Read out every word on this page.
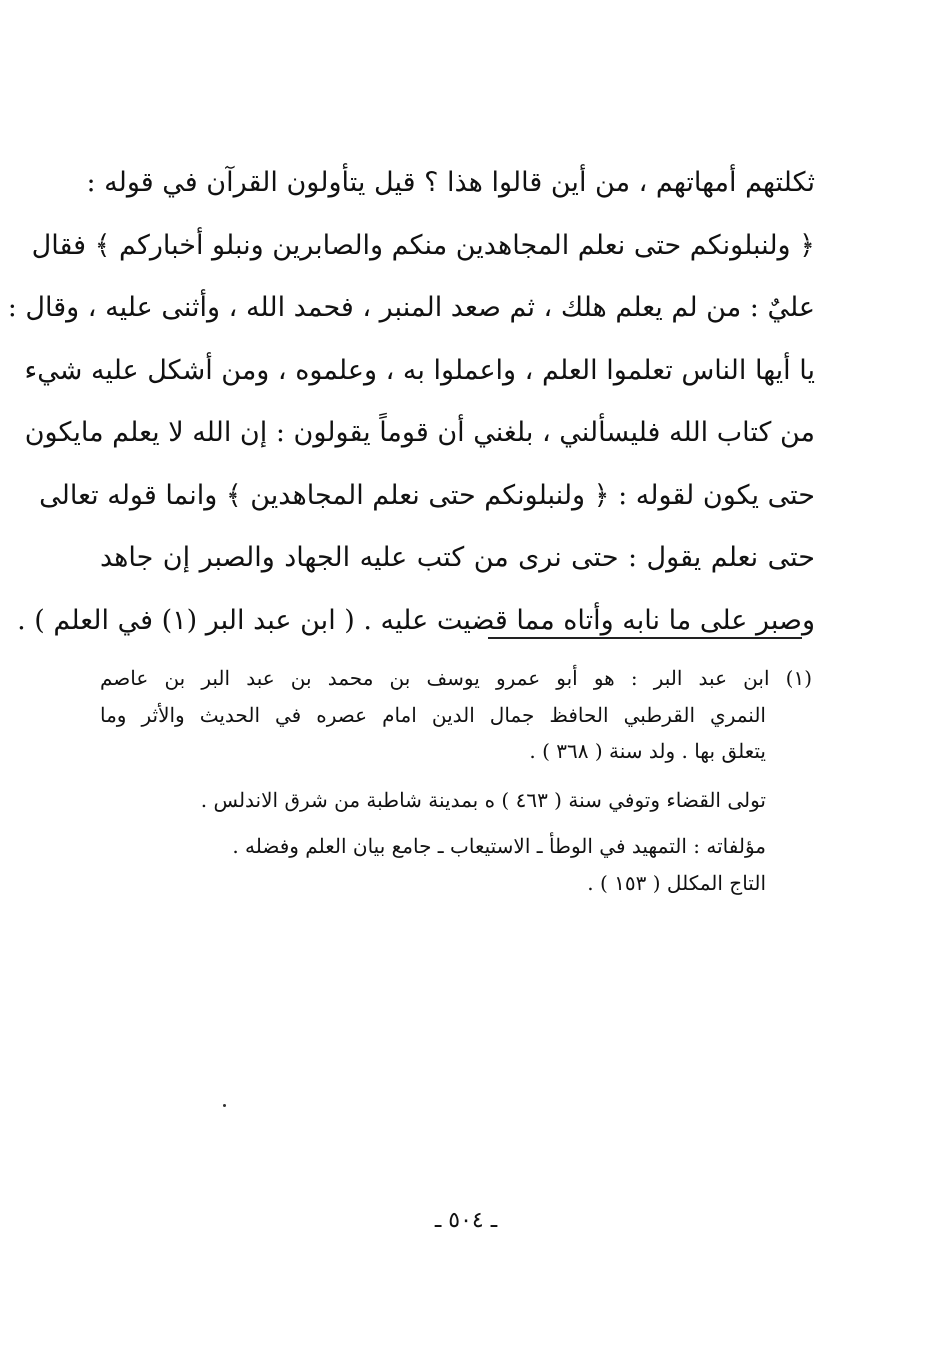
ثكلتهم أمهاتهم ، من أين قالوا هذا ؟ قيل يتأولون القرآن في قوله :
﴿ ولنبلونكم حتى نعلم المجاهدين منكم والصابرين ونبلو أخباركم ﴾ فقال
عليٌ : من لم يعلم هلك ، ثم صعد المنبر ، فحمد الله ، وأثنى عليه ، وقال :
يا أيها الناس تعلموا العلم ، واعملوا به ، وعلموه ، ومن أشكل عليه شيء
من كتاب الله فليسألني ، بلغني أن قوماً يقولون : إن الله لا يعلم مايكون
حتى يكون لقوله : ﴿ ولنبلونكم حتى نعلم المجاهدين ﴾ وانما قوله تعالى
حتى نعلم يقول : حتى نرى من كتب عليه الجهاد والصبر إن جاهد
وصبر على ما نابه وأتاه مما قضيت عليه . ( ابن عبد البر (١) في العلم ) .
(١) ابن عبد البر : هو أبو عمرو يوسف بن محمد بن عبد البر بن عاصم
النمري القرطبي الحافظ جمال الدين امام عصره في الحديث والأثر وما
يتعلق بها . ولد سنة ( ٣٦٨ ) .
تولى القضاء وتوفي سنة ( ٤٦٣ ) ه بمدينة شاطبة من شرق الاندلس .
مؤلفاته : التمهيد في الوطأ ـ الاستيعاب ـ جامع بيان العلم وفضله .
التاج المكلل ( ١٥٣ ) .
ـ ٥٠٤ ـ
